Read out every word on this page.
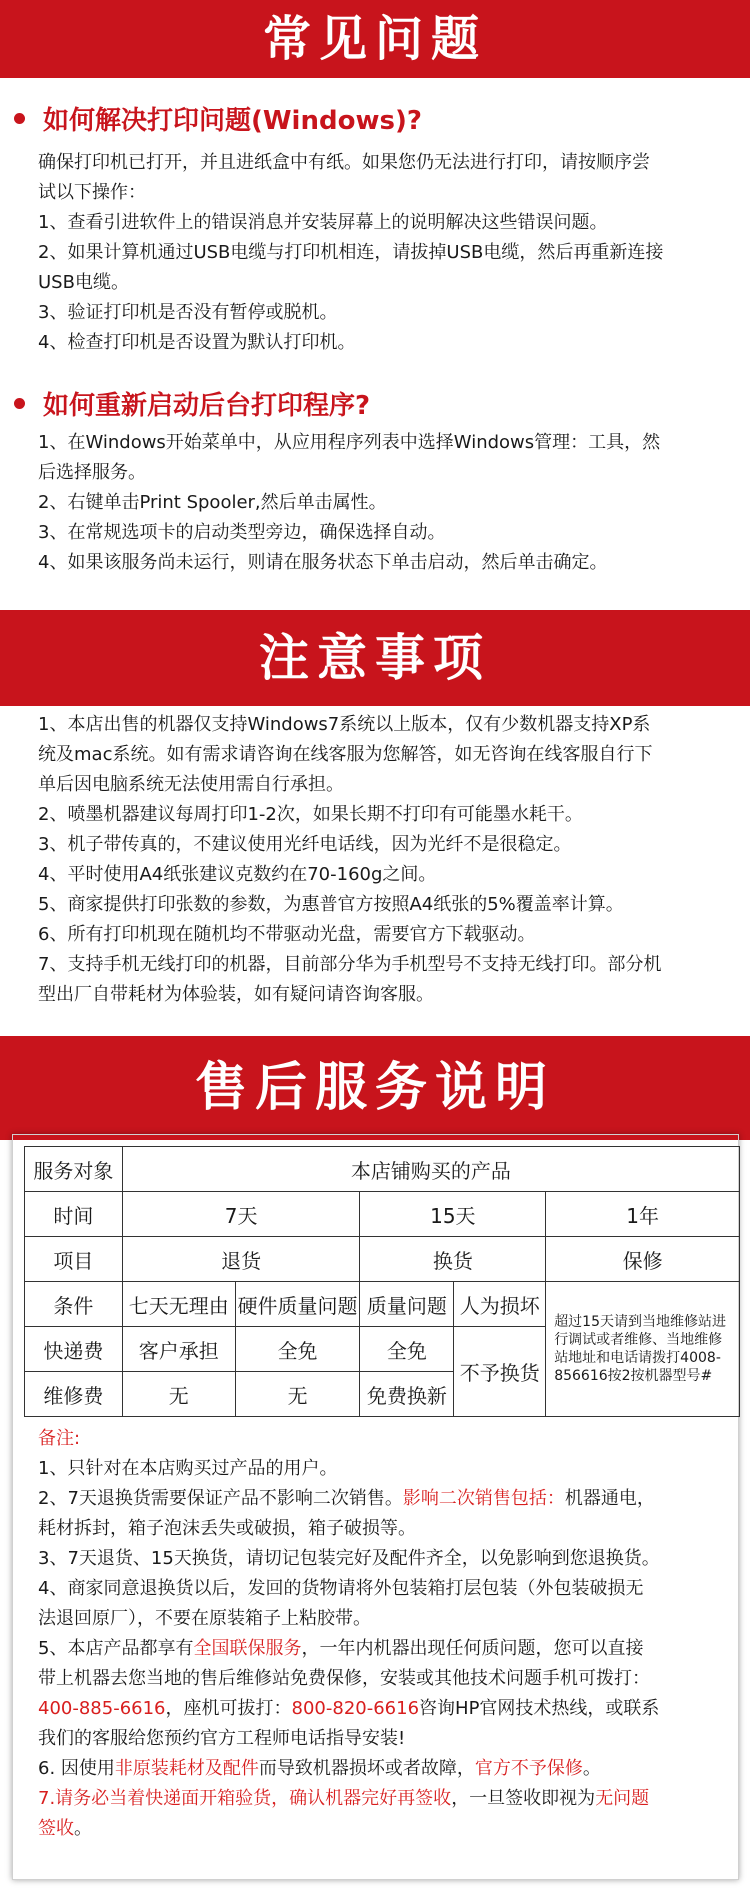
常见问题
如何解决打印问题(Windows)?

确保打印机已打开，并且进纸盒中有纸。如果您仍无法进行打印，请按顺序尝

试以下操作：

1、查看引进软件上的错误消息并安装屏幕上的说明解决这些错误问题。

2、如果计算机通过USB电缆与打印机相连，请拔掉USB电缆，然后再重新连接

USB电缆。

3、验证打印机是否没有暂停或脱机。

4、检查打印机是否设置为默认打印机。

如何重新启动后台打印程序?

1、在Windows开始菜单中，从应用程序列表中选择Windows管理：工具，然

后选择服务。

2、右键单击Print Spooler,然后单击属性。

3、在常规选项卡的启动类型旁边，确保选择自动。

4、如果该服务尚未运行，则请在服务状态下单击启动，然后单击确定。

注意事项

1、本店出售的机器仅支持Windows7系统以上版本，仅有少数机器支持XP系

统及mac系统。如有需求请咨询在线客服为您解答，如无咨询在线客服自行下

单后因电脑系统无法使用需自行承担。

2、喷墨机器建议每周打印1-2次，如果长期不打印有可能墨水耗干。

3、机子带传真的，不建议使用光纤电话线，因为光纤不是很稳定。

4、平时使用A4纸张建议克数约在70-160g之间。

5、商家提供打印张数的参数，为惠普官方按照A4纸张的5%覆盖率计算。

6、所有打印机现在随机均不带驱动光盘，需要官方下载驱动。

7、支持手机无线打印的机器，目前部分华为手机型号不支持无线打印。部分机

型出厂自带耗材为体验装，如有疑问请咨询客服。

售后服务说明
服务对象	本店铺购买的产品				
时间	7天		15天		1年
项目	退货		换货		保修
条件	七天无理由	硬件质量问题	质量问题	人为损坏	超过15天请到当地维修站进行调试或者维修、当地维修站地址和电话请拨打4008-856616按2按机器型号#
快递费	客户承担	全免	全免	不予换货	
维修费	无	无	免费换新		

备注:

1、只针对在本店购买过产品的用户。

2、7天退换货需要保证产品不影响二次销售。影响二次销售包括：机器通电，

耗材拆封，箱子泡沫丢失或破损，箱子破损等。

3、7天退货、15天换货，请切记包装完好及配件齐全，以免影响到您退换货。

4、商家同意退换货以后，发回的货物请将外包装箱打层包装（外包装破损无

法退回原厂），不要在原装箱子上粘胶带。

5、本店产品都享有全国联保服务，一年内机器出现任何质问题，您可以直接

带上机器去您当地的售后维修站免费保修，安装或其他技术问题手机可拨打：

400-885-6616，座机可拔打：800-820-6616咨询HP官网技术热线，或联系

我们的客服给您预约官方工程师电话指导安装!

6. 因使用非原装耗材及配件而导致机器损坏或者故障，官方不予保修。

7.请务必当着快递面开箱验货，确认机器完好再签收，一旦签收即视为无问题

签收。
